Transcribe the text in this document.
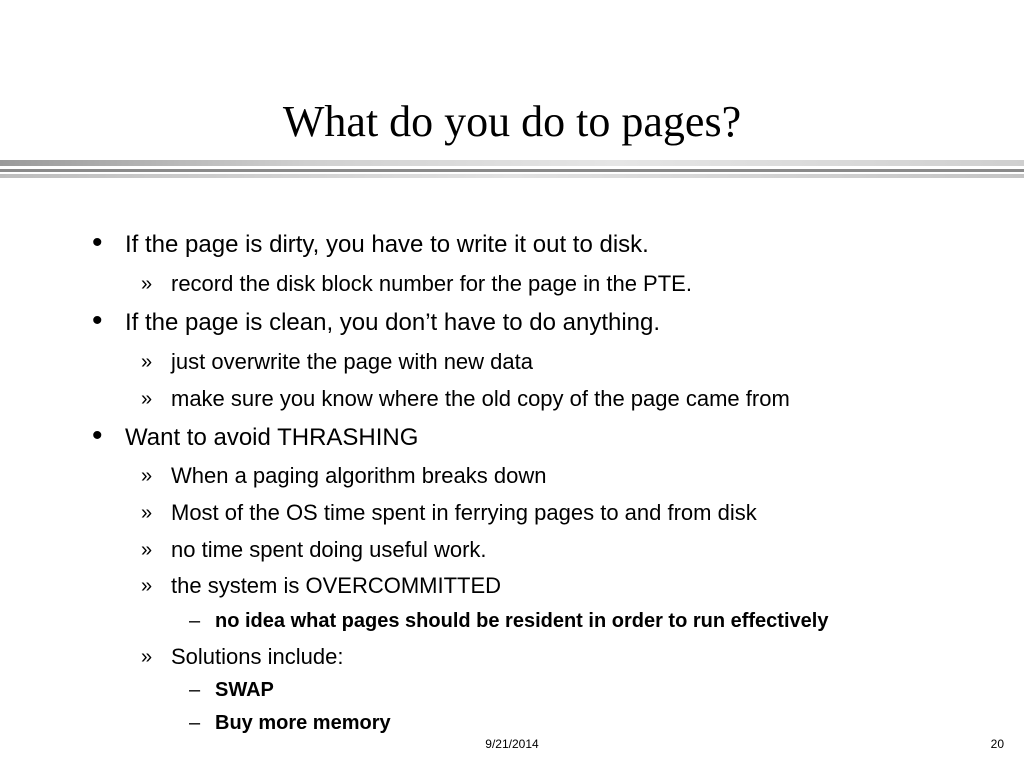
What do you do to pages?
• If the page is dirty, you have to write it out to disk.
» record the disk block number for the page in the PTE.
• If the page is clean, you don’t have to do anything.
» just overwrite the page with new data
» make sure you know where the old copy of the page came from
• Want to avoid THRASHING
» When a paging algorithm breaks down
» Most of the OS time spent in ferrying pages to and from disk
» no time spent doing useful work.
» the system is OVERCOMMITTED
– no idea what pages should be resident in order to run effectively
» Solutions include:
– SWAP
– Buy more memory
9/21/2014	20
